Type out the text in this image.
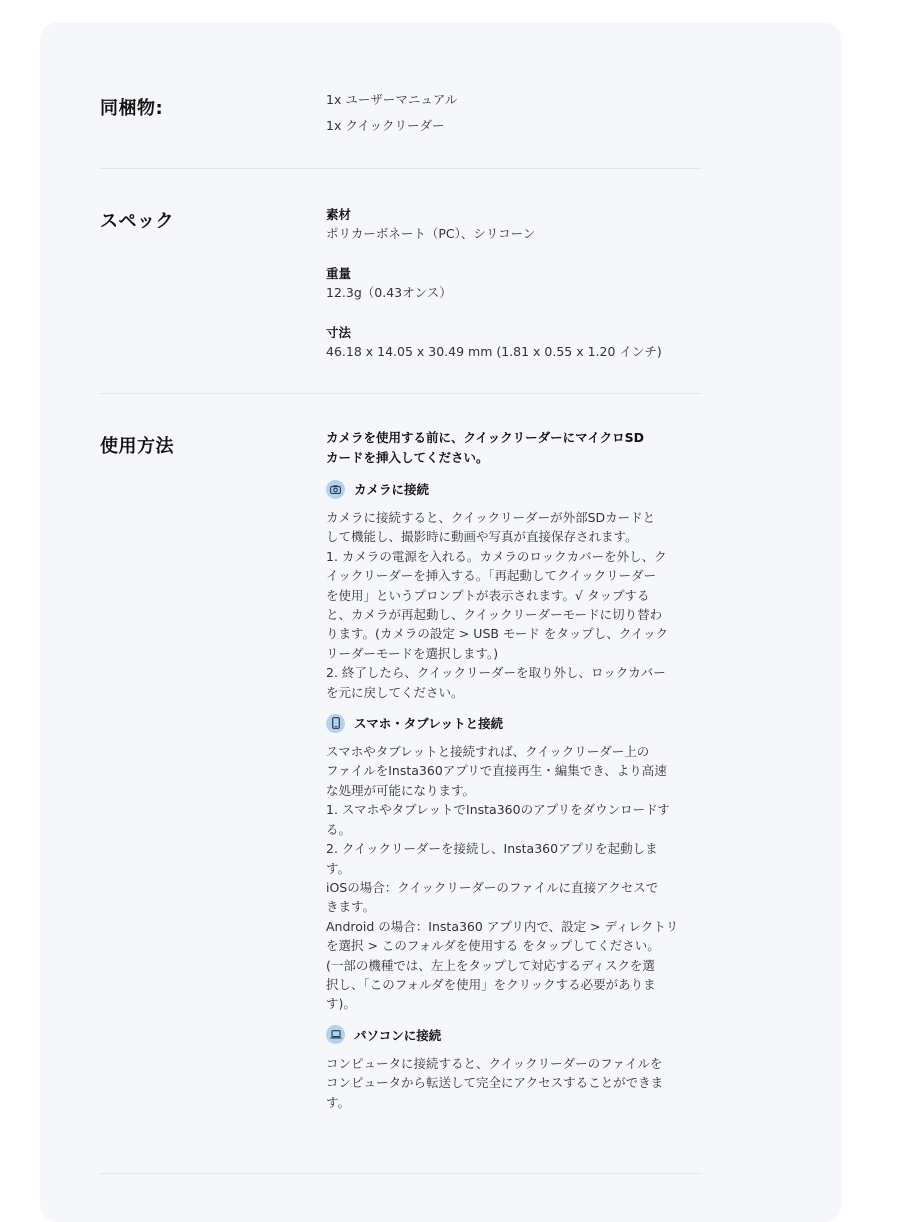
同梱物:	1x ユーザーマニュアル
1x クイックリーダー
スペック	素材
ポリカーボネート（PC）、シリコーン
重量
12.3g（0.43オンス）
寸法
46.18 x 14.05 x 30.49 mm (1.81 x 0.55 x 1.20 インチ)
使用方法	カメラを使用する前に、クイックリーダーにマイクロSD
カードを挿入してください。

カメラに接続

カメラに接続すると、クイックリーダーが外部SDカードと
して機能し、撮影時に動画や写真が直接保存されます。
1. カメラの電源を入れる。カメラのロックカバーを外し、ク
イックリーダーを挿入する。「再起動してクイックリーダー
を使用」というプロンプトが表示されます。√ タップする
と、カメラが再起動し、クイックリーダーモードに切り替わ
ります。(カメラの設定 > USB モード をタップし、クイック
リーダーモードを選択します。)
2. 終了したら、クイックリーダーを取り外し、ロックカバー
を元に戻してください。

スマホ・タブレットと接続

スマホやタブレットと接続すれば、クイックリーダー上の
ファイルをInsta360アプリで直接再生・編集でき、より高速
な処理が可能になります。
1. スマホやタブレットでInsta360のアプリをダウンロードす
る。
2. クイックリーダーを接続し、Insta360アプリを起動しま
す。
iOSの場合：クイックリーダーのファイルに直接アクセスで
きます。
Android の場合：Insta360 アプリ内で、設定 > ディレクトリ
を選択 > このフォルダを使用する をタップしてください。
(一部の機種では、左上をタップして対応するディスクを選
択し、「このフォルダを使用」をクリックする必要がありま
す)。

パソコンに接続

コンピュータに接続すると、クイックリーダーのファイルを
コンピュータから転送して完全にアクセスすることができま
す。
